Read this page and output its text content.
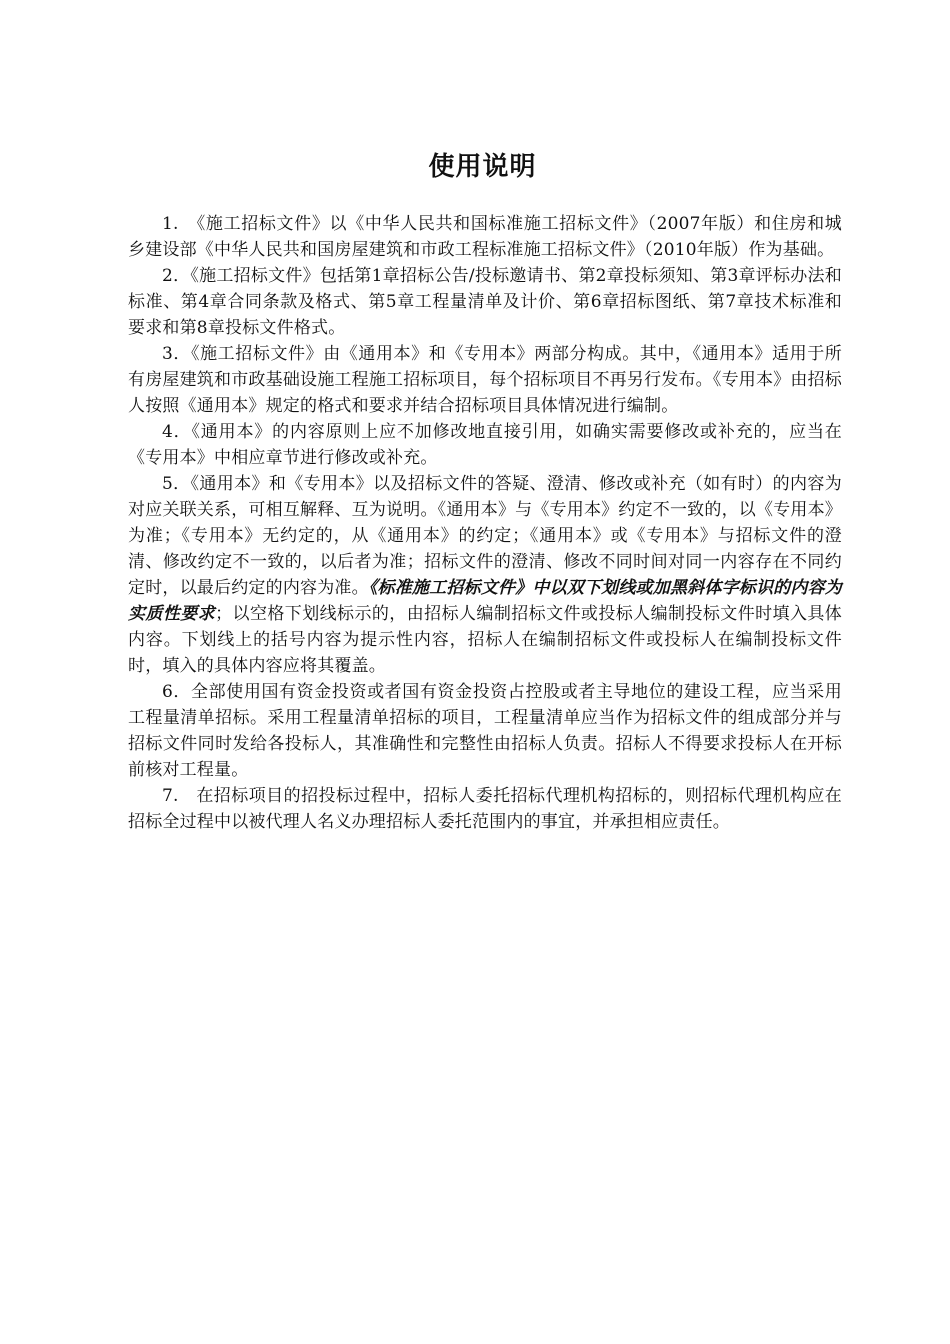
使用说明

1.　《施工招标文件》以《中华人民共和国标准施工招标文件》（2007年版）和住房和城乡建设部《中华人民共和国房屋建筑和市政工程标准施工招标文件》（2010年版）作为基础。

2．《施工招标文件》包括第1章招标公告/投标邀请书、第2章投标须知、第3章评标办法和标准、第4章合同条款及格式、第5章工程量清单及计价、第6章招标图纸、第7章技术标准和要求和第8章投标文件格式。

3．《施工招标文件》由《通用本》和《专用本》两部分构成。其中，《通用本》适用于所有房屋建筑和市政基础设施工程施工招标项目，每个招标项目不再另行发布。《专用本》由招标人按照《通用本》规定的格式和要求并结合招标项目具体情况进行编制。

4．《通用本》的内容原则上应不加修改地直接引用，如确实需要修改或补充的，应当在《专用本》中相应章节进行修改或补充。

5．《通用本》和《专用本》以及招标文件的答疑、澄清、修改或补充（如有时）的内容为对应关联关系，可相互解释、互为说明。《通用本》与《专用本》约定不一致的，以《专用本》为准；《专用本》无约定的，从《通用本》的约定；《通用本》或《专用本》与招标文件的澄清、修改约定不一致的，以后者为准；招标文件的澄清、修改不同时间对同一内容存在不同约定时，以最后约定的内容为准。《标准施工招标文件》中以双下划线或加黑斜体字标识的内容为实质性要求；以空格下划线标示的，由招标人编制招标文件或投标人编制投标文件时填入具体内容。下划线上的括号内容为提示性内容，招标人在编制招标文件或投标人在编制投标文件时，填入的具体内容应将其覆盖。

6．全部使用国有资金投资或者国有资金投资占控股或者主导地位的建设工程，应当采用工程量清单招标。采用工程量清单招标的项目，工程量清单应当作为招标文件的组成部分并与招标文件同时发给各投标人，其准确性和完整性由招标人负责。招标人不得要求投标人在开标前核对工程量。

7.　在招标项目的招投标过程中，招标人委托招标代理机构招标的，则招标代理机构应在招标全过程中以被代理人名义办理招标人委托范围内的事宜，并承担相应责任。
